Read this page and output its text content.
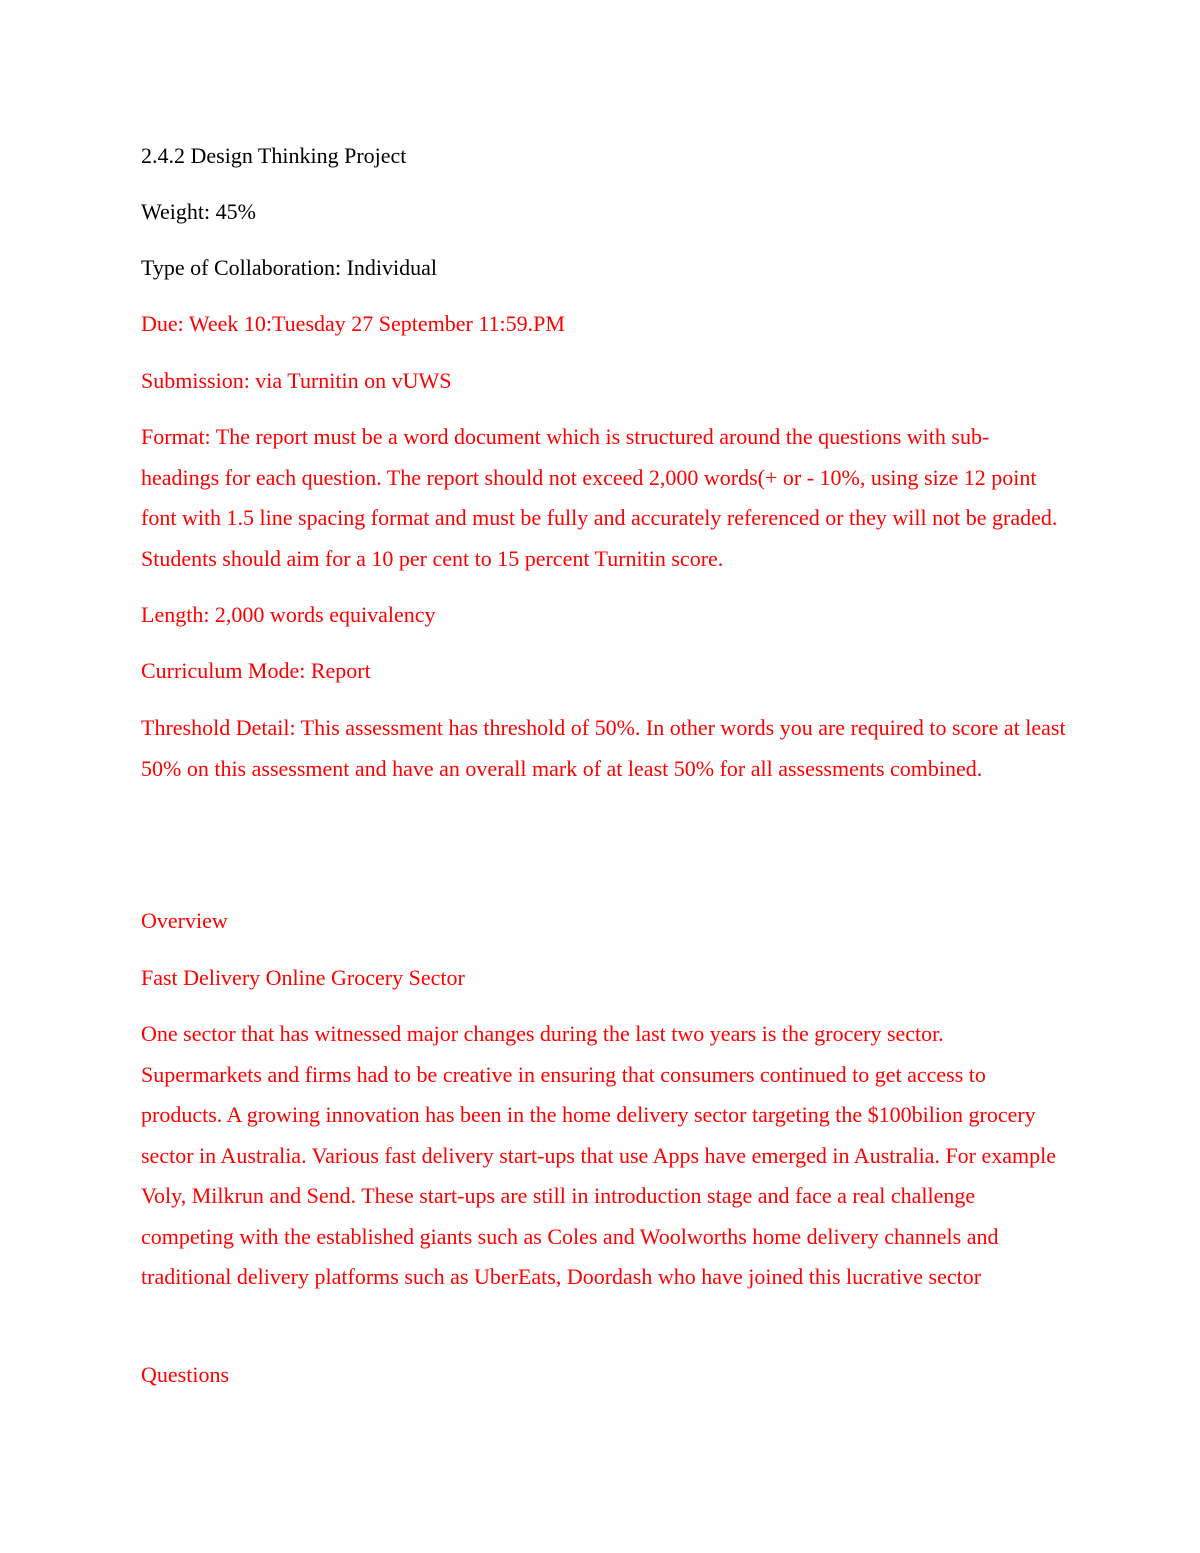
2.4.2 Design Thinking Project

Weight: 45%

Type of Collaboration: Individual

Due: Week 10:Tuesday 27 September 11:59.PM

Submission: via Turnitin on vUWS

Format: The report must be a word document which is structured around the questions with sub-headings for each question. The report should not exceed 2,000 words(+ or - 10%, using size 12 point font with 1.5 line spacing format and must be fully and accurately referenced or they will not be graded. Students should aim for a 10 per cent to 15 percent Turnitin score.

Length: 2,000 words equivalency

Curriculum Mode: Report

Threshold Detail: This assessment has threshold of 50%. In other words you are required to score at least 50% on this assessment and have an overall mark of at least 50% for all assessments combined.

Overview

Fast Delivery Online Grocery Sector

One sector that has witnessed major changes during the last two years is the grocery sector. Supermarkets and firms had to be creative in ensuring that consumers continued to get access to products. A growing innovation has been in the home delivery sector targeting the $100bilion grocery sector in Australia. Various fast delivery start-ups that use Apps have emerged in Australia. For example Voly, Milkrun and Send. These start-ups are still in introduction stage and face a real challenge competing with the established giants such as Coles and Woolworths home delivery channels and traditional delivery platforms such as UberEats, Doordash who have joined this lucrative sector

Questions
